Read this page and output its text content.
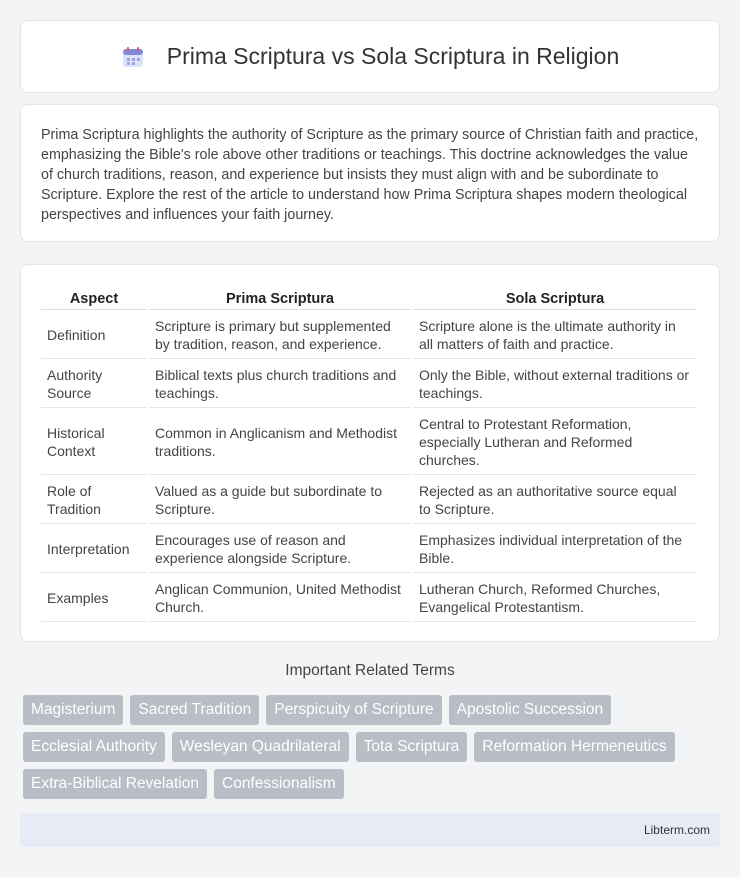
Prima Scriptura vs Sola Scriptura in Religion

Prima Scriptura highlights the authority of Scripture as the primary source of Christian faith and practice, emphasizing the Bible's role above other traditions or teachings. This doctrine acknowledges the value of church traditions, reason, and experience but insists they must align with and be subordinate to Scripture. Explore the rest of the article to understand how Prima Scriptura shapes modern theological perspectives and influences your faith journey.

Aspect	Prima Scriptura	Sola Scriptura
Definition	Scripture is primary but supplemented by tradition, reason, and experience.	Scripture alone is the ultimate authority in all matters of faith and practice.
Authority Source	Biblical texts plus church traditions and teachings.	Only the Bible, without external traditions or teachings.
Historical Context	Common in Anglicanism and Methodist traditions.	Central to Protestant Reformation, especially Lutheran and Reformed churches.
Role of Tradition	Valued as a guide but subordinate to Scripture.	Rejected as an authoritative source equal to Scripture.
Interpretation	Encourages use of reason and experience alongside Scripture.	Emphasizes individual interpretation of the Bible.
Examples	Anglican Communion, United Methodist Church.	Lutheran Church, Reformed Churches, Evangelical Protestantism.
Important Related Terms
Magisterium	Sacred Tradition	Perspicuity of Scripture	Apostolic Succession
Ecclesial Authority	Wesleyan Quadrilateral	Tota Scriptura	Reformation Hermeneutics
Extra-Biblical Revelation	Confessionalism
Libterm.com
